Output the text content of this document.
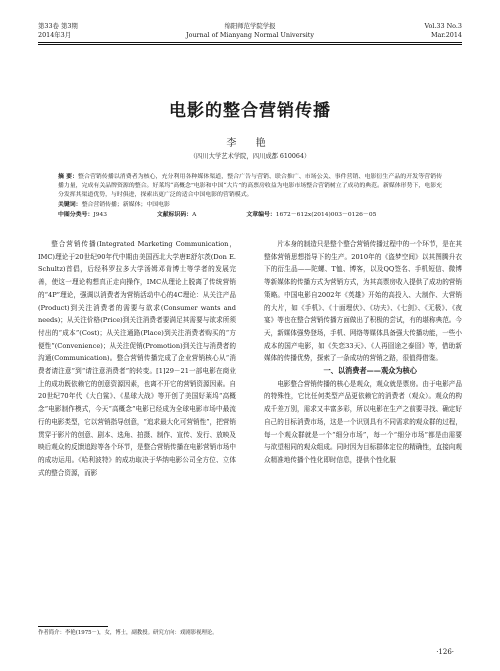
第33卷 第3期
2014年3月
绵阳师范学院学报
Journal of Mianyang Normal University
Vol.33 No.3
Mar.2014
电影的整合营销传播
李 艳
（四川大学艺术学院，四川成都 610064）
摘 要：整合营销传播以消费者为核心，充分利用各种媒体渠道，整合广告与营销、联合推广、市场公关、事件营销、电影衍生产品的开发等营销传播力量，完成有关品牌资源的整合。好莱坞“高概念”电影和中国“大片”的高票房收益为电影市场整合营销树立了成功的典范。新媒体形势下，电影充分发挥其渠道优势，与时俱进，探索出更广泛的适合中国电影的营销模式。
关键词：整合营销传播；新媒体；中国电影
中图分类号：J943	文献标识码：A	文章编号：1672－612x(2014)003－0126－05

整合营销传播(Integrated Marketing Communication，IMC)理论于20世纪90年代中期由美国西北大学唐E舒尔茨(Don E. Schultz)首倡，后经科罗拉多大学汤姆邓肯博士等学者的发展完善，使这一理论构想真正走向操作，IMC从理论上脱离了传统营销的“4P”理论，强调以消费者为营销活动中心的4C理论：从关注产品(Product)到关注消费者的需要与欲求(Consumer wants and needs)；从关注价格(Price)到关注消费者要满足其需要与欲求所须付出的“成本”(Cost)；从关注通路(Place)到关注消费者购买的“方便性”(Convenience)；从关注促销(Promotion)到关注与消费者的沟通(Communication)。整合营销传播完成了企业营销核心从“消费者请注意”到“请注意消费者”的转变。[1]29－21一部电影在商业上的成功既依赖它的创意资源因素，也离不开它的营销资源因素。自20世纪70年代《大白鲨》、《星球大战》等开创了美国好莱坞“高概念”电影制作模式，今天“高概念”电影已经成为全球电影市场中最流行的电影类型，它以营销指导创意，“追求最大化可营销性”，把营销贯穿于影片的创意、剧本、选角、拍摄、制作、宣传、发行、放映及映后观众的反馈追踪等各个环节，是整合营销传播在电影营销市场中的成功运用。《哈利波特》的成功取决于华纳电影公司全方位、立体式的整合资源，而影

片本身的制造只是整个整合营销传播过程中的一个环节，是在其整体营销思想指导下的生产。2010年的《盗梦空间》以其图腾升衣下的衍生品——陀螺、T恤、博客，以及QQ签名、手机短信、微博等新媒体的传播方式为营销方式，为其高票房收入提供了成功的营销策略。中国电影自2002年《英雄》开始的高投入、大制作、大营销的大片，如《手机》、《十面埋伏》、《功夫》、《七剑》、《无极》、《夜宴》等也在整合营销传播方面做出了积极的尝试，有的堪称典范。今天，新媒体强势登场，手机、网络等媒体具备强大传播功能，一些小成本的国产电影，如《失恋33天》、《人再囧途之泰囧》等，借助新媒体的传播优势，探索了一条成功的营销之路，很值得借鉴。

一、以消费者——观众为核心

电影整合营销传播的核心是观众，观众就是票房。由于电影产品的特殊性，它比任何类型产品更依赖它的消费者（观众）。观众的构成千差万别，需求又丰富多彩，所以电影在生产之前要寻找、确定好自己的目标消费市场，这是一个识别具有不同需求的观众群的过程，每一个观众群就是一个“细分市场”，每一个“细分市场”都是由需要与欲望相同的观众组成。同时因为目标群体定位的精确性，直接向观众精准地传播个性化即时信息，提供个性化服

作者简介：李艳(1975－)，女，博士，副教授。研究方向：戏剧影视理论。
·126·
